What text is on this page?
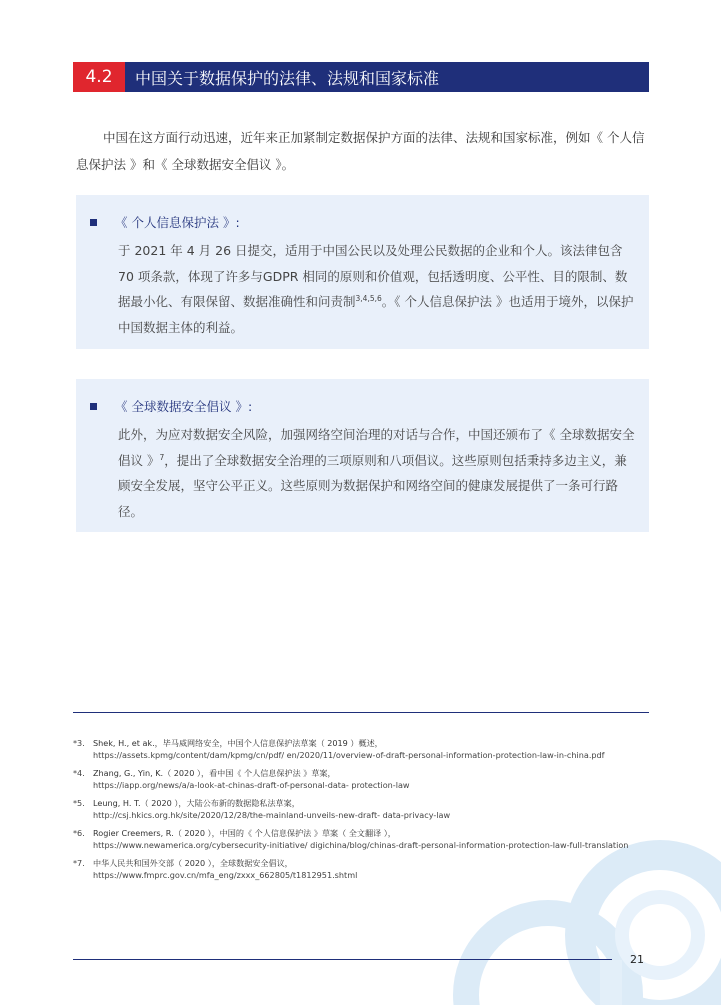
4.2	中国关于数据保护的法律、法规和国家标准

中国在这方面行动迅速，近年来正加紧制定数据保护方面的法律、法规和国家标准，例如《 个人信息保护法 》和《 全球数据安全倡议 》。

《 个人信息保护法 》:

于 2021 年 4 月 26 日提交，适用于中国公民以及处理公民数据的企业和个人。该法律包含 70 项条款，体现了许多与GDPR 相同的原则和价值观，包括透明度、公平性、目的限制、数据最小化、有限保留、数据准确性和问责制$^{3,4,5,6}$。《 个人信息保护法 》也适用于境外，以保护中国数据主体的利益。

《 全球数据安全倡议 》:

此外，为应对数据安全风险，加强网络空间治理的对话与合作，中国还颁布了《 全球数据安全倡议 》$^7$，提出了全球数据安全治理的三项原则和八项倡议。这些原则包括秉持多边主义，兼顾安全发展，坚守公平正义。这些原则为数据保护和网络空间的健康发展提供了一条可行路径。

*3.	Shek, H., et ak.，毕马威网络安全，中国个人信息保护法草案（ 2019 ）概述，
https://assets.kpmg/content/dam/kpmg/cn/pdf/ en/2020/11/overview-of-draft-personal-information-protection-law-in-china.pdf
*4.	Zhang, G., Yin, K.（ 2020 ），看中国《 个人信息保护法 》草案，
https://iapp.org/news/a/a-look-at-chinas-draft-of-personal-data- protection-law
*5.	Leung, H. T.（ 2020 ），大陆公布新的数据隐私法草案，
http://csj.hkics.org.hk/site/2020/12/28/the-mainland-unveils-new-draft- data-privacy-law
*6.	Rogier Creemers, R.（ 2020 ），中国的《 个人信息保护法 》草案（ 全文翻译 ），
https://www.newamerica.org/cybersecurity-initiative/ digichina/blog/chinas-draft-personal-information-protection-law-full-translation
*7.	中华人民共和国外交部（ 2020 ），全球数据安全倡议，
https://www.fmprc.gov.cn/mfa_eng/zxxx_662805/t1812951.shtml
21
